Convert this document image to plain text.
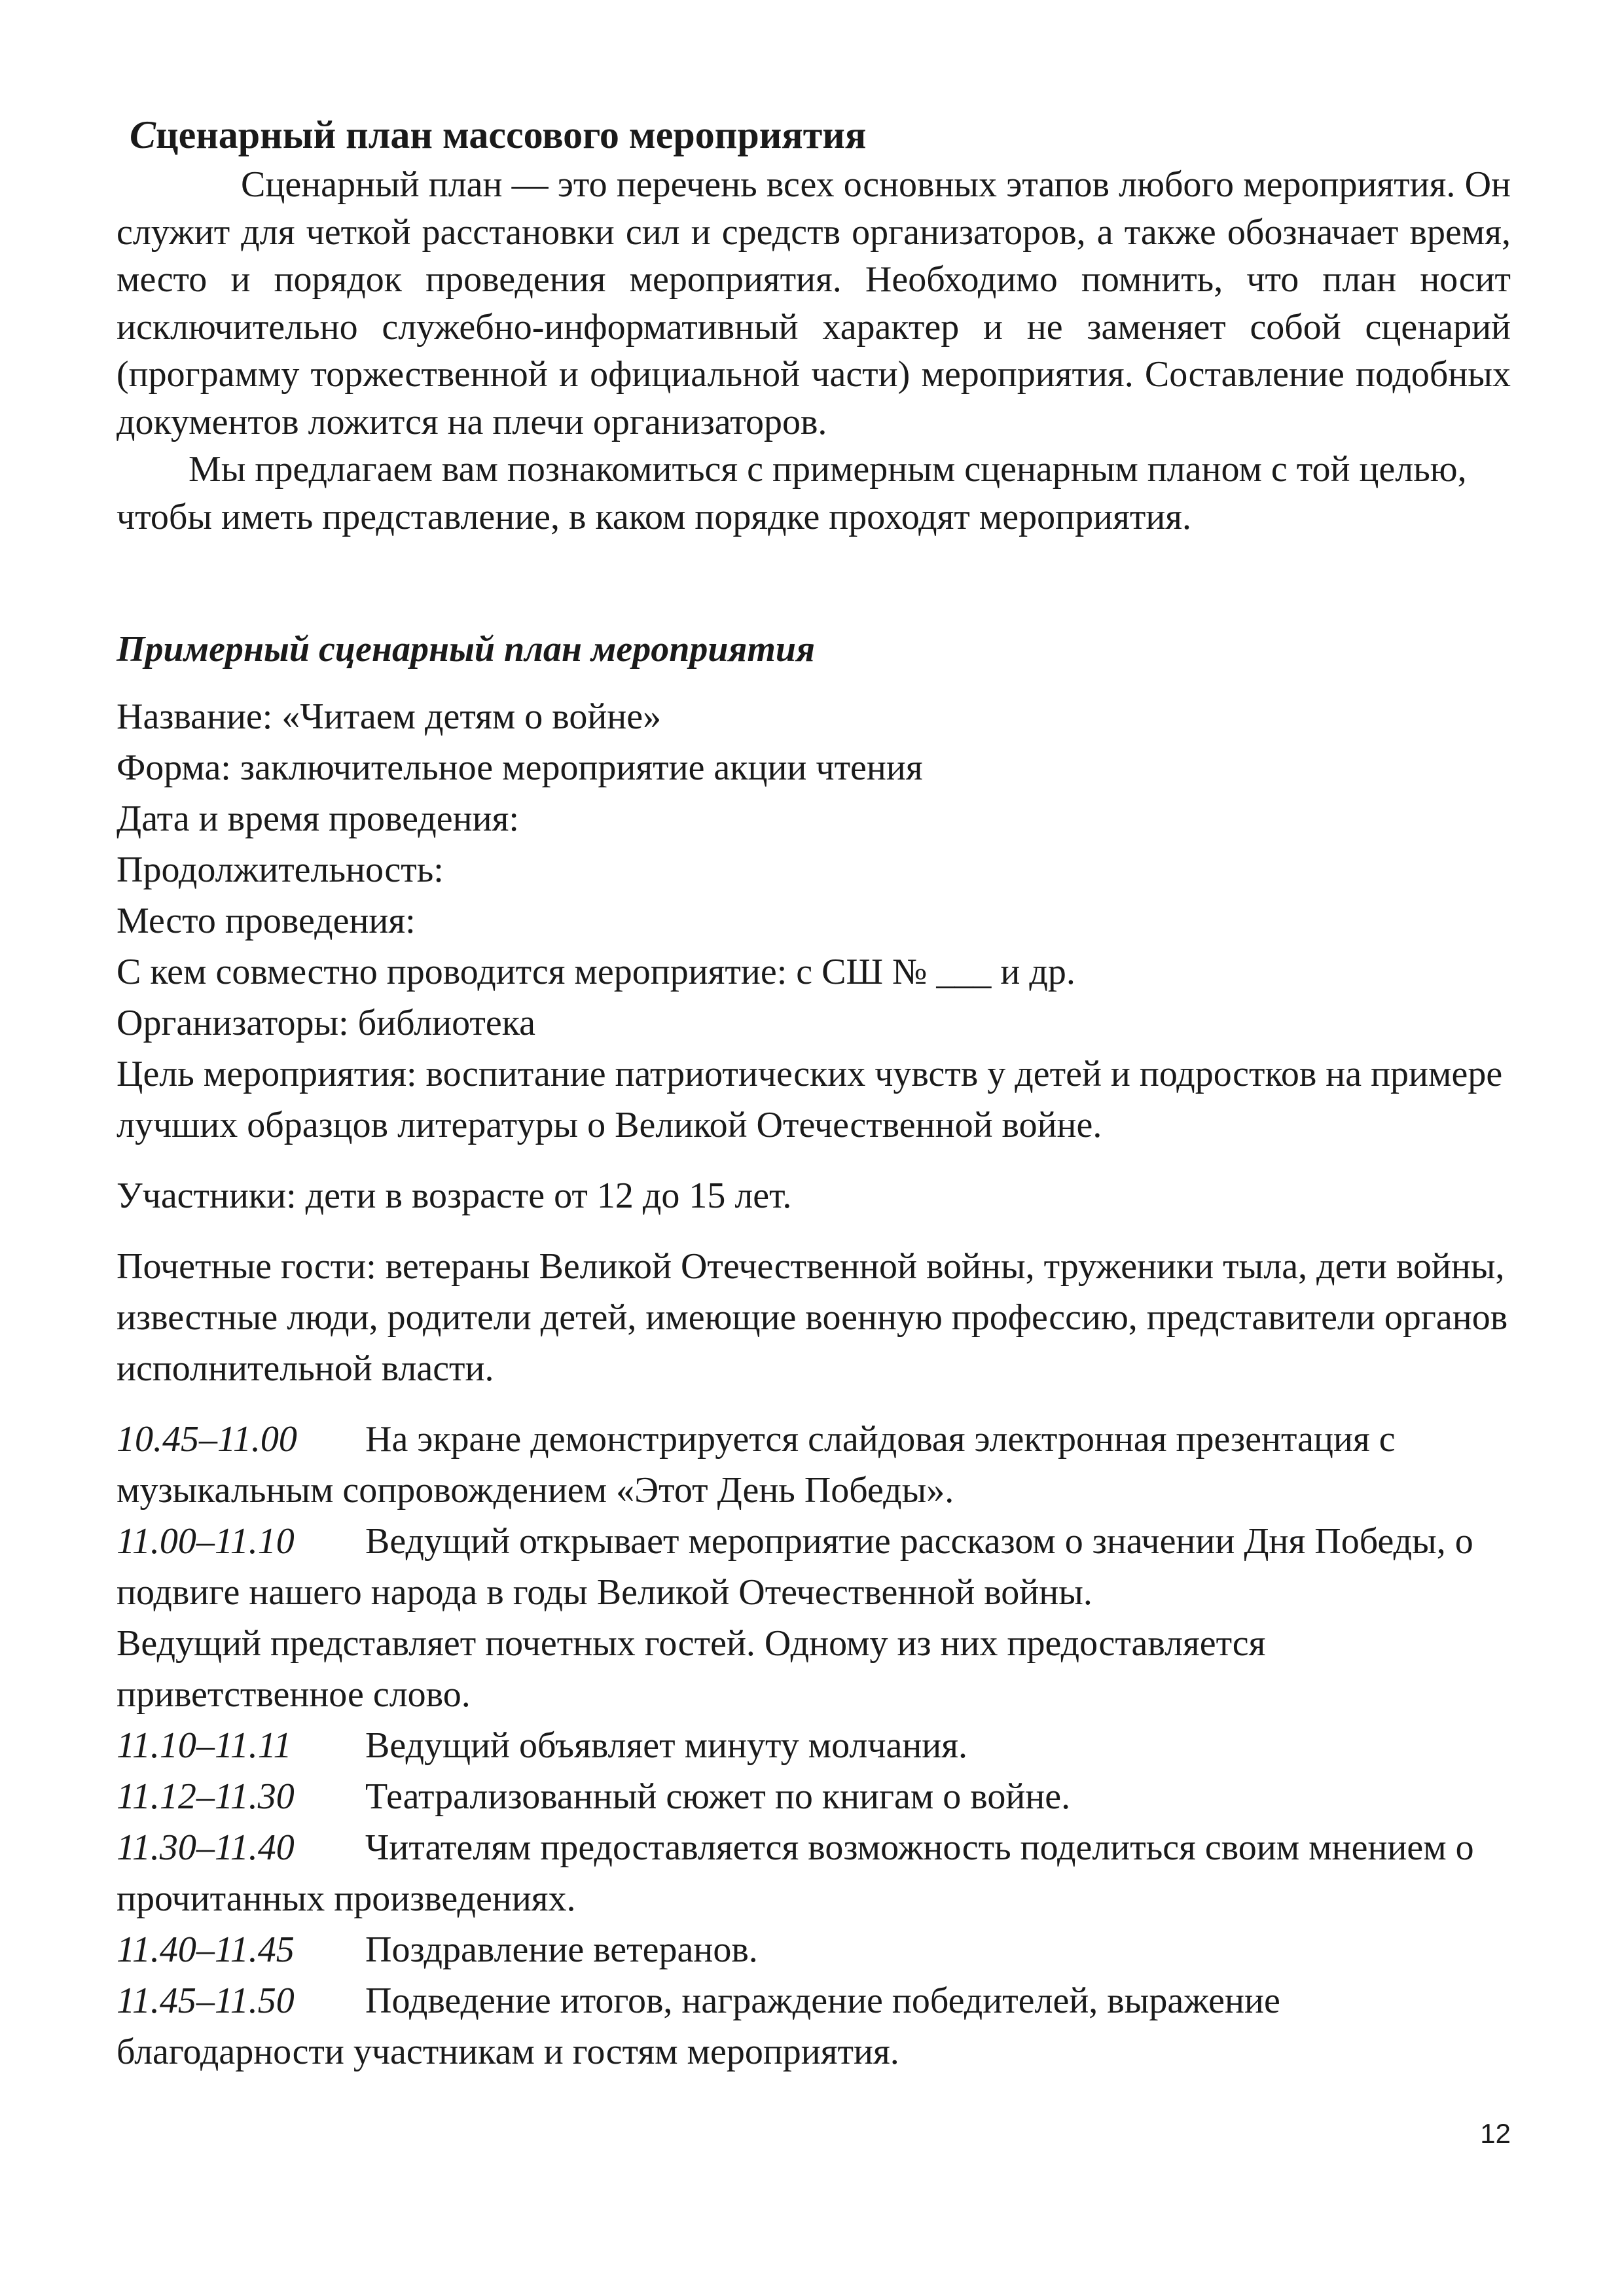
Сценарный план массового мероприятия

Сценарный план — это перечень всех основных этапов любого мероприятия. Он служит для четкой расстановки сил и средств организаторов, а также обозначает время, место и порядок проведения мероприятия. Необходимо помнить, что план носит исключительно служебно-информативный характер и не заменяет собой сценарий (программу торжественной и официальной части) мероприятия. Составление подобных документов ложится на плечи организаторов.

Мы предлагаем вам познакомиться с примерным сценарным планом с той целью, чтобы иметь представление, в каком порядке проходят мероприятия.

Примерный сценарный план мероприятия

Название: «Читаем детям о войне»

Форма: заключительное мероприятие акции чтения

Дата и время проведения:

Продолжительность:

Место проведения:

С кем совместно проводится мероприятие: с СШ № ___ и др.

Организаторы: библиотека

Цель мероприятия: воспитание патриотических чувств у детей и подростков на примере лучших образцов литературы о Великой Отечественной войне.

Участники: дети в возрасте от 12 до 15 лет.

Почетные гости: ветераны Великой Отечественной войны, труженики тыла, дети войны, известные люди, родители детей, имеющие военную профессию, представители органов исполнительной власти.

10.45–11.00 На экране демонстрируется слайдовая электронная презентация с музыкальным сопровождением «Этот День Победы».

11.00–11.10 Ведущий открывает мероприятие рассказом о значении Дня Победы, о подвиге нашего народа в годы Великой Отечественной войны.

Ведущий представляет почетных гостей. Одному из них предоставляется приветственное слово.

11.10–11.11 Ведущий объявляет минуту молчания.

11.12–11.30 Театрализованный сюжет по книгам о войне.

11.30–11.40 Читателям предоставляется возможность поделиться своим мнением о прочитанных произведениях.

11.40–11.45 Поздравление ветеранов.

11.45–11.50 Подведение итогов, награждение победителей, выражение благодарности участникам и гостям мероприятия.

12
